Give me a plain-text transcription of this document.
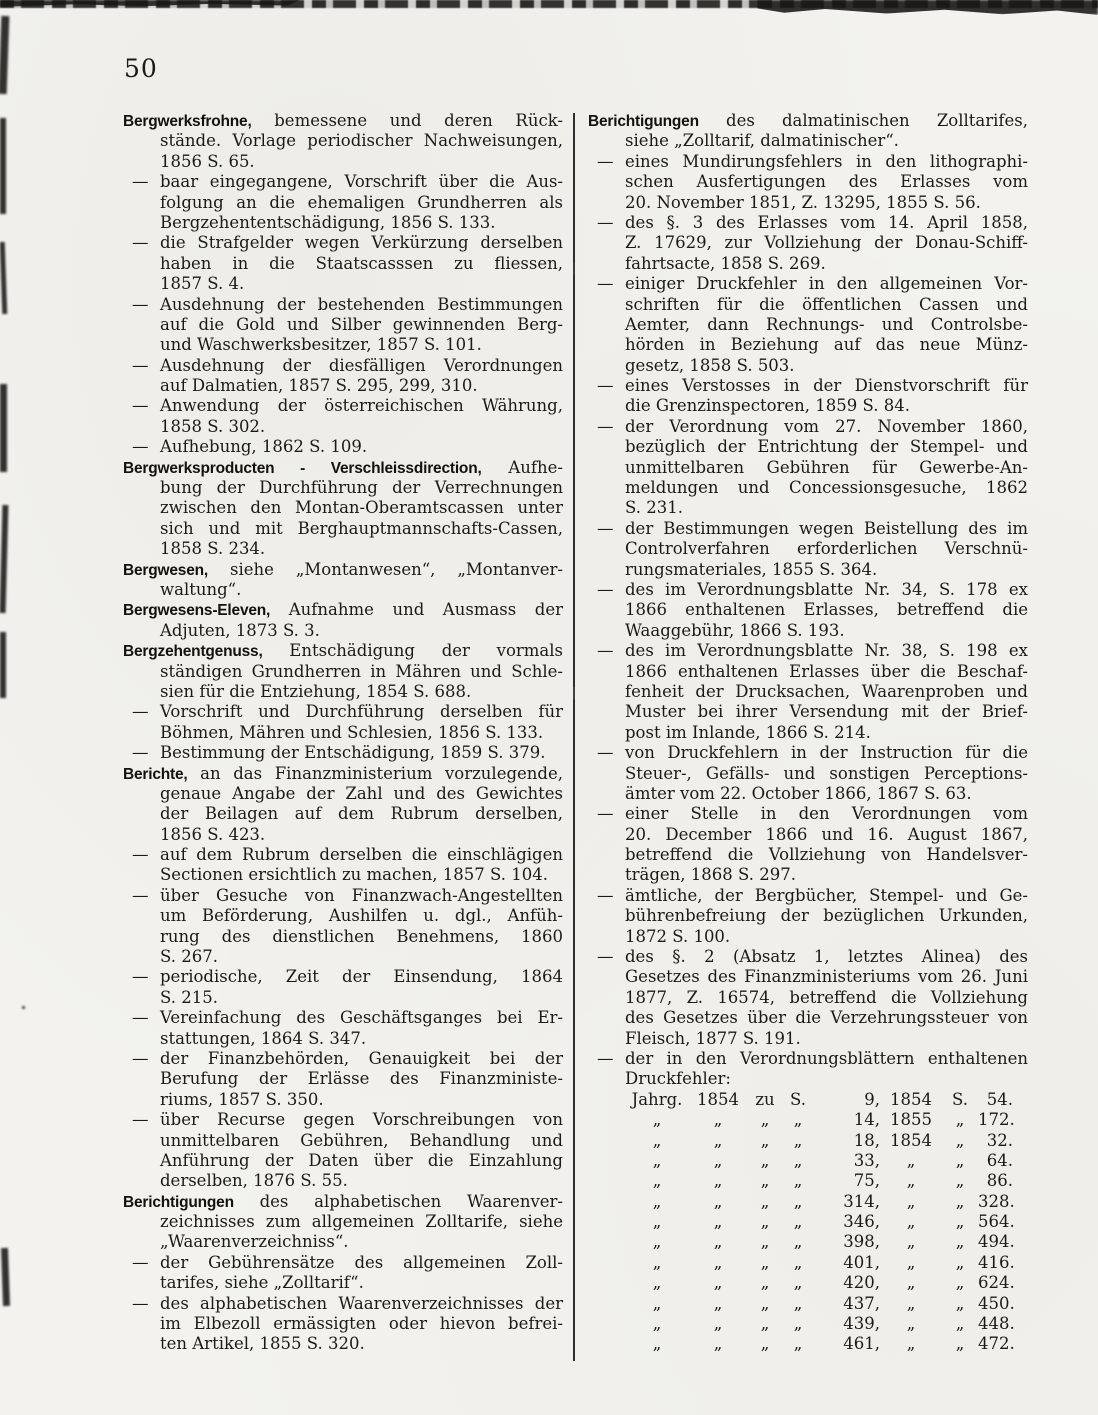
50
Bergwerksfrohne, bemessene und deren Rück-
stände. Vorlage periodischer Nachweisungen,
1856 S. 65.
— baar eingegangene, Vorschrift über die Aus-
folgung an die ehemaligen Grundherren als
Bergzehententschädigung, 1856 S. 133.
— die Strafgelder wegen Verkürzung derselben
haben in die Staatscasssen zu fliessen,
1857 S. 4.
— Ausdehnung der bestehenden Bestimmungen
auf die Gold und Silber gewinnenden Berg-
und Waschwerksbesitzer, 1857 S. 101.
— Ausdehnung der diesfälligen Verordnungen
auf Dalmatien, 1857 S. 295, 299, 310.
— Anwendung der österreichischen Währung,
1858 S. 302.
— Aufhebung, 1862 S. 109.
Bergwerksproducten - Verschleissdirection, Aufhe-
bung der Durchführung der Verrechnungen
zwischen den Montan-Oberamtscassen unter
sich und mit Berghauptmannschafts-Cassen,
1858 S. 234.
Bergwesen, siehe „Montanwesen“, „Montanver-
waltung“.
Bergwesens-Eleven, Aufnahme und Ausmass der
Adjuten, 1873 S. 3.
Bergzehentgenuss, Entschädigung der vormals
ständigen Grundherren in Mähren und Schle-
sien für die Entziehung, 1854 S. 688.
— Vorschrift und Durchführung derselben für
Böhmen, Mähren und Schlesien, 1856 S. 133.
— Bestimmung der Entschädigung, 1859 S. 379.
Berichte, an das Finanzministerium vorzulegende,
genaue Angabe der Zahl und des Gewichtes
der Beilagen auf dem Rubrum derselben,
1856 S. 423.
— auf dem Rubrum derselben die einschlägigen
Sectionen ersichtlich zu machen, 1857 S. 104.
— über Gesuche von Finanzwach-Angestellten
um Beförderung, Aushilfen u. dgl., Anfüh-
rung des dienstlichen Benehmens, 1860
S. 267.
— periodische, Zeit der Einsendung, 1864
S. 215.
— Vereinfachung des Geschäftsganges bei Er-
stattungen, 1864 S. 347.
— der Finanzbehörden, Genauigkeit bei der
Berufung der Erlässe des Finanzministe-
riums, 1857 S. 350.
— über Recurse gegen Vorschreibungen von
unmittelbaren Gebühren, Behandlung und
Anführung der Daten über die Einzahlung
derselben, 1876 S. 55.
Berichtigungen des alphabetischen Waarenver-
zeichnisses zum allgemeinen Zolltarife, siehe
„Waarenverzeichniss“.
— der Gebührensätze des allgemeinen Zoll-
tarifes, siehe „Zolltarif“.
— des alphabetischen Waarenverzeichnisses der
im Elbezoll ermässigten oder hievon befrei-
ten Artikel, 1855 S. 320.
Berichtigungen des dalmatinischen Zolltarifes,
siehe „Zolltarif, dalmatinischer“.
— eines Mundirungsfehlers in den lithographi-
schen Ausfertigungen des Erlasses vom
20. November 1851, Z. 13295, 1855 S. 56.
— des §. 3 des Erlasses vom 14. April 1858,
Z. 17629, zur Vollziehung der Donau-Schiff-
fahrtsacte, 1858 S. 269.
— einiger Druckfehler in den allgemeinen Vor-
schriften für die öffentlichen Cassen und
Aemter, dann Rechnungs- und Controlsbe-
hörden in Beziehung auf das neue Münz-
gesetz, 1858 S. 503.
— eines Verstosses in der Dienstvorschrift für
die Grenzinspectoren, 1859 S. 84.
— der Verordnung vom 27. November 1860,
bezüglich der Entrichtung der Stempel- und
unmittelbaren Gebühren für Gewerbe-An-
meldungen und Concessionsgesuche, 1862
S. 231.
— der Bestimmungen wegen Beistellung des im
Controlverfahren erforderlichen Verschnü-
rungsmateriales, 1855 S. 364.
— des im Verordnungsblatte Nr. 34, S. 178 ex
1866 enthaltenen Erlasses, betreffend die
Waaggebühr, 1866 S. 193.
— des im Verordnungsblatte Nr. 38, S. 198 ex
1866 enthaltenen Erlasses über die Beschaf-
fenheit der Drucksachen, Waarenproben und
Muster bei ihrer Versendung mit der Brief-
post im Inlande, 1866 S. 214.
— von Druckfehlern in der Instruction für die
Steuer-, Gefälls- und sonstigen Perceptions-
ämter vom 22. October 1866, 1867 S. 63.
— einer Stelle in den Verordnungen vom
20. December 1866 und 16. August 1867,
betreffend die Vollziehung von Handelsver-
trägen, 1868 S. 297.
— ämtliche, der Bergbücher, Stempel- und Ge-
bührenbefreiung der bezüglichen Urkunden,
1872 S. 100.
— des §. 2 (Absatz 1, letztes Alinea) des
Gesetzes des Finanzministeriums vom 26. Juni
1877, Z. 16574, betreffend die Vollziehung
des Gesetzes über die Verzehrungssteuer von
Fleisch, 1877 S. 191.
— der in den Verordnungsblättern enthaltenen
Druckfehler:
Jahrg. 1854 zu S.	9, 1854	S.	54.
„	„	„	„	14, 1855	„ 172.
„	„	„	„	18, 1854	„	32.
„	„	„	„	33,	„	„	64.
„	„	„	„	75,	„	„	86.
„	„	„	„	314,	„	„ 328.
„	„	„	„	346,	„	„ 564.
„	„	„	„	398,	„	„ 494.
„	„	„	„	401,	„	„ 416.
„	„	„	„	420,	„	„ 624.
„	„	„	„	437,	„	„ 450.
„	„	„	„	439,	„	„ 448.
„	„	„	„	461,	„	„ 472.
